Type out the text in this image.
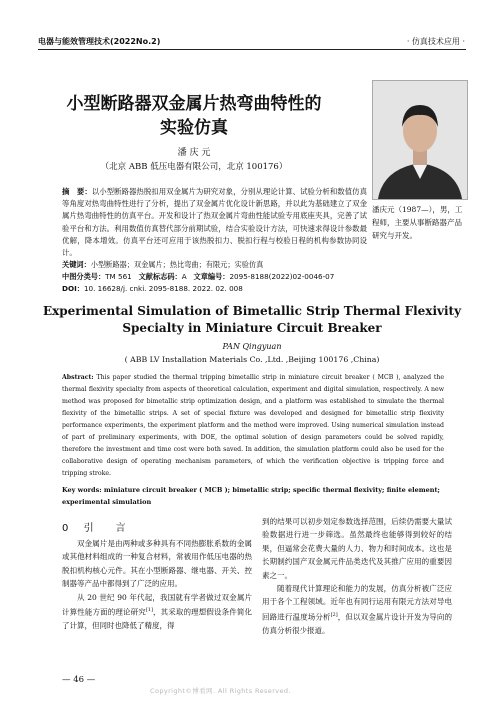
电器与能效管理技术(2022No.2)	· 仿真技术应用 ·
小型断路器双金属片热弯曲特性的
实验仿真
潘 庆 元
（北京 ABB 低压电器有限公司，北京 100176）
潘庆元（1987—），男，工程师，主要从事断路器产品研究与开发。
摘　要：以小型断路器热脱扣用双金属片为研究对象，分别从理论计算、试验分析和数值仿真等角度对热弯曲特性进行了分析，提出了双金属片优化设计新思路，并以此为基础建立了双金属片热弯曲特性的仿真平台。开发和设计了热双金属片弯曲性能试验专用底座夹具，完善了试验平台和方法。利用数值仿真替代部分前期试验，结合实验设计方法，可快速求得设计参数最优解，降本增效。仿真平台还可应用于该热脱扣力、脱扣行程与校验日程的机构参数协同设计。
关键词：小型断路器；双金属片；热比弯曲；有限元；实验仿真
中图分类号：TM 561 文献标志码：A 文章编号：2095-8188(2022)02-0046-07
DOI：10. 16628/j. cnki. 2095-8188. 2022. 02. 008
Experimental Simulation of Bimetallic Strip Thermal Flexivity
Specialty in Miniature Circuit Breaker
PAN Qingyuan
( ABB LV Installation Materials Co. ,Ltd. ,Beijing 100176 ,China)
Abstract: This paper studied the thermal tripping bimetallic strip in miniature circuit breaker ( MCB ), analyzed the thermal flexivity specialty from aspects of theoretical calculation, experiment and digital simulation, respectively. A new method was proposed for bimetallic strip optimization design, and a platform was established to simulate the thermal flexivity of the bimetallic strips. A set of special fixture was developed and designed for bimetallic strip flexivity performance experiments, the experiment platform and the method were improved. Using numerical simulation instead of part of preliminary experiments, with DOE, the optimal solution of design parameters could be solved rapidly, therefore the investment and time cost were both saved. In addition, the simulation platform could also be used for the collaborative design of operating mechanism parameters, of which the verification objective is tripping force and tripping stroke.
Key words: miniature circuit breaker ( MCB ); bimetallic strip; specific thermal flexivity; finite element; experimental simulation
0 引　言

双金属片是由两种或多种具有不同热膨胀系数的金属或其他材料组成的一种复合材料，常被用作低压电器的热脱扣机构核心元件。其在小型断路器、继电器、开关、控制器等产品中都得到了广泛的应用。

从 20 世纪 90 年代起，我国就有学者做过双金属片计算性能方面的理论研究[1]，其采取的理想假设条件简化了计算，但同时也降低了精度，得

到的结果可以初步划定参数选择范围，后续仍需要大量试验数据进行进一步筛选。虽然最终也能够得到较好的结果，但逼常会花费大量的人力、物力和时间成本。这也是长期制约国产双金属元件品类迭代及其推广应用的重要因素之一。

随着现代计算理论和能力的发展，仿真分析被广泛应用于各个工程领域。近年也有同行运用有限元方法对导电回路进行温度场分析[2]，但以双金属片设计开发为导向的仿真分析很少报道。

— 46 —
Copyright©博看网. All Rights Reserved.
